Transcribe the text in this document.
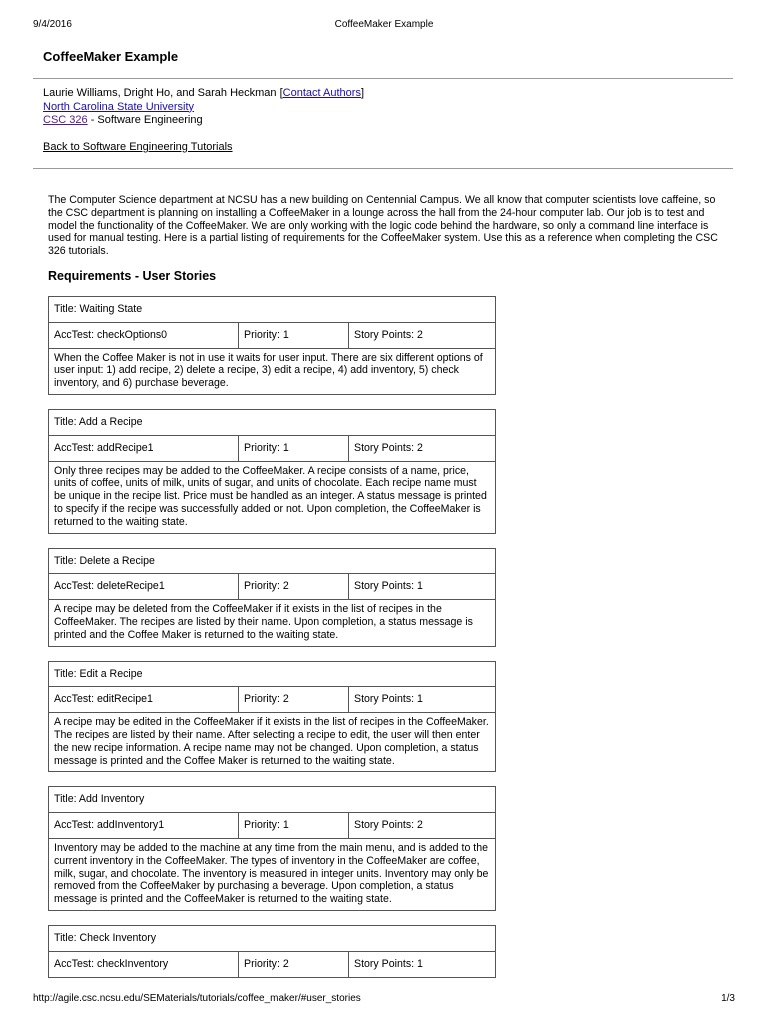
9/4/2016	CoffeeMaker Example
CoffeeMaker Example
Laurie Williams, Dright Ho, and Sarah Heckman [Contact Authors]
North Carolina State University
CSC 326 - Software Engineering
Back to Software Engineering Tutorials

The Computer Science department at NCSU has a new building on Centennial Campus. We all know that computer scientists love caffeine, so the CSC department is planning on installing a CoffeeMaker in a lounge across the hall from the 24-hour computer lab. Our job is to test and model the functionality of the CoffeeMaker. We are only working with the logic code behind the hardware, so only a command line interface is used for manual testing. Here is a partial listing of requirements for the CoffeeMaker system. Use this as a reference when completing the CSC 326 tutorials.

Requirements - User Stories
Title: Waiting State
AccTest: checkOptions0	Priority: 1	Story Points: 2
When the Coffee Maker is not in use it waits for user input. There are six different options of user input: 1) add recipe, 2) delete a recipe, 3) edit a recipe, 4) add inventory, 5) check inventory, and 6) purchase beverage.
Title: Add a Recipe
AccTest: addRecipe1	Priority: 1	Story Points: 2
Only three recipes may be added to the CoffeeMaker. A recipe consists of a name, price, units of coffee, units of milk, units of sugar, and units of chocolate. Each recipe name must be unique in the recipe list. Price must be handled as an integer. A status message is printed to specify if the recipe was successfully added or not. Upon completion, the CoffeeMaker is returned to the waiting state.
Title: Delete a Recipe
AccTest: deleteRecipe1	Priority: 2	Story Points: 1
A recipe may be deleted from the CoffeeMaker if it exists in the list of recipes in the CoffeeMaker. The recipes are listed by their name. Upon completion, a status message is printed and the Coffee Maker is returned to the waiting state.
Title: Edit a Recipe
AccTest: editRecipe1	Priority: 2	Story Points: 1
A recipe may be edited in the CoffeeMaker if it exists in the list of recipes in the CoffeeMaker. The recipes are listed by their name. After selecting a recipe to edit, the user will then enter the new recipe information. A recipe name may not be changed. Upon completion, a status message is printed and the Coffee Maker is returned to the waiting state.
Title: Add Inventory
AccTest: addInventory1	Priority: 1	Story Points: 2
Inventory may be added to the machine at any time from the main menu, and is added to the current inventory in the CoffeeMaker. The types of inventory in the CoffeeMaker are coffee, milk, sugar, and chocolate. The inventory is measured in integer units. Inventory may only be removed from the CoffeeMaker by purchasing a beverage. Upon completion, a status message is printed and the CoffeeMaker is returned to the waiting state.
Title: Check Inventory
AccTest: checkInventory	Priority: 2	Story Points: 1
http://agile.csc.ncsu.edu/SEMaterials/tutorials/coffee_maker/#user_stories	1/3
